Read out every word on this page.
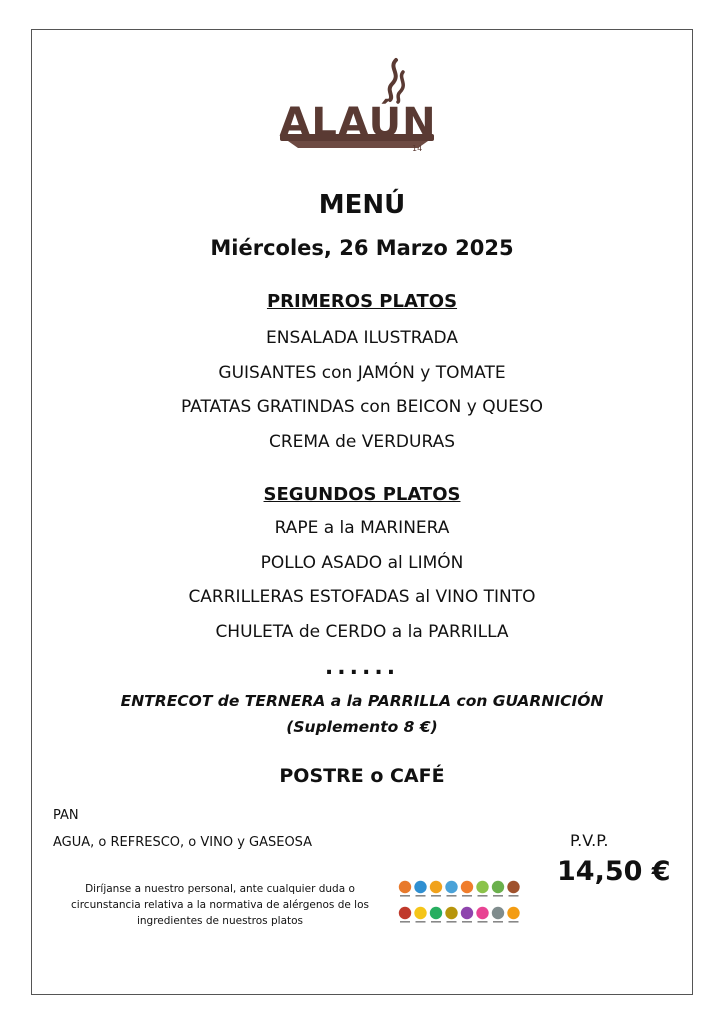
ALAÚN
14
MENÚ
Miércoles, 26 Marzo 2025
PRIMEROS PLATOS
ENSALADA ILUSTRADA
GUISANTES con JAMÓN y TOMATE
PATATAS GRATINDAS con BEICON y QUESO
CREMA de VERDURAS
SEGUNDOS PLATOS
RAPE a la MARINERA
POLLO ASADO al LIMÓN
CARRILLERAS ESTOFADAS al VINO TINTO
CHULETA de CERDO a la PARRILLA
......
ENTRECOT de TERNERA a la PARRILLA con GUARNICIÓN
(Suplemento 8 €)
POSTRE o CAFÉ
PAN
AGUA, o REFRESCO, o VINO y GASEOSA	P.V.P.
14,50 €
Diríjanse a nuestro personal, ante cualquier duda o
circunstancia relativa a la normativa de alérgenos de los
ingredientes de nuestros platos
